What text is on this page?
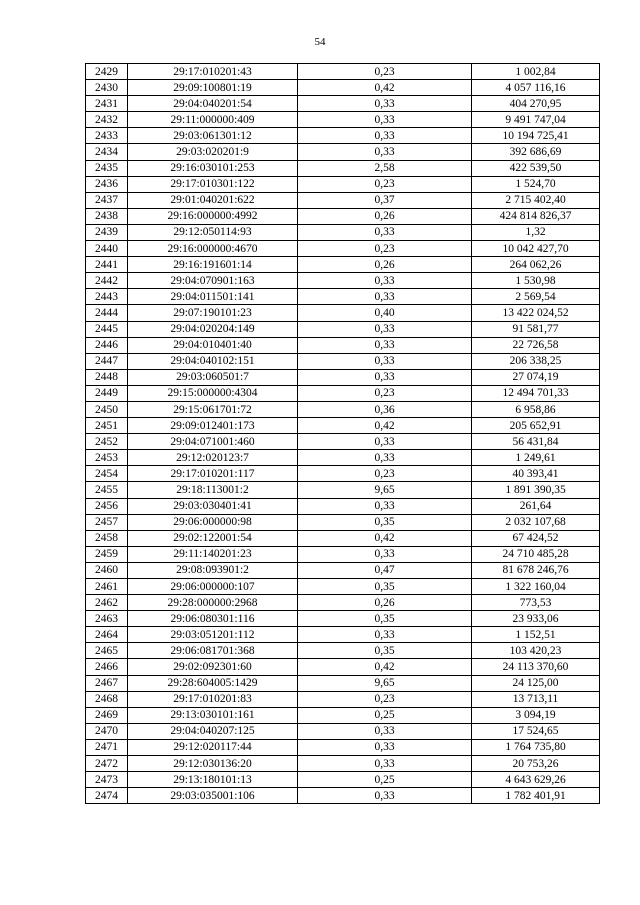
54
2429	29:17:010201:43	0,23	1 002,84
2430	29:09:100801:19	0,42	4 057 116,16
2431	29:04:040201:54	0,33	404 270,95
2432	29:11:000000:409	0,33	9 491 747,04
2433	29:03:061301:12	0,33	10 194 725,41
2434	29:03:020201:9	0,33	392 686,69
2435	29:16:030101:253	2,58	422 539,50
2436	29:17:010301:122	0,23	1 524,70
2437	29:01:040201:622	0,37	2 715 402,40
2438	29:16:000000:4992	0,26	424 814 826,37
2439	29:12:050114:93	0,33	1,32
2440	29:16:000000:4670	0,23	10 042 427,70
2441	29:16:191601:14	0,26	264 062,26
2442	29:04:070901:163	0,33	1 530,98
2443	29:04:011501:141	0,33	2 569,54
2444	29:07:190101:23	0,40	13 422 024,52
2445	29:04:020204:149	0,33	91 581,77
2446	29:04:010401:40	0,33	22 726,58
2447	29:04:040102:151	0,33	206 338,25
2448	29:03:060501:7	0,33	27 074,19
2449	29:15:000000:4304	0,23	12 494 701,33
2450	29:15:061701:72	0,36	6 958,86
2451	29:09:012401:173	0,42	205 652,91
2452	29:04:071001:460	0,33	56 431,84
2453	29:12:020123:7	0,33	1 249,61
2454	29:17:010201:117	0,23	40 393,41
2455	29:18:113001:2	9,65	1 891 390,35
2456	29:03:030401:41	0,33	261,64
2457	29:06:000000:98	0,35	2 032 107,68
2458	29:02:122001:54	0,42	67 424,52
2459	29:11:140201:23	0,33	24 710 485,28
2460	29:08:093901:2	0,47	81 678 246,76
2461	29:06:000000:107	0,35	1 322 160,04
2462	29:28:000000:2968	0,26	773,53
2463	29:06:080301:116	0,35	23 933,06
2464	29:03:051201:112	0,33	1 152,51
2465	29:06:081701:368	0,35	103 420,23
2466	29:02:092301:60	0,42	24 113 370,60
2467	29:28:604005:1429	9,65	24 125,00
2468	29:17:010201:83	0,23	13 713,11
2469	29:13:030101:161	0,25	3 094,19
2470	29:04:040207:125	0,33	17 524,65
2471	29:12:020117:44	0,33	1 764 735,80
2472	29:12:030136:20	0,33	20 753,26
2473	29:13:180101:13	0,25	4 643 629,26
2474	29:03:035001:106	0,33	1 782 401,91
